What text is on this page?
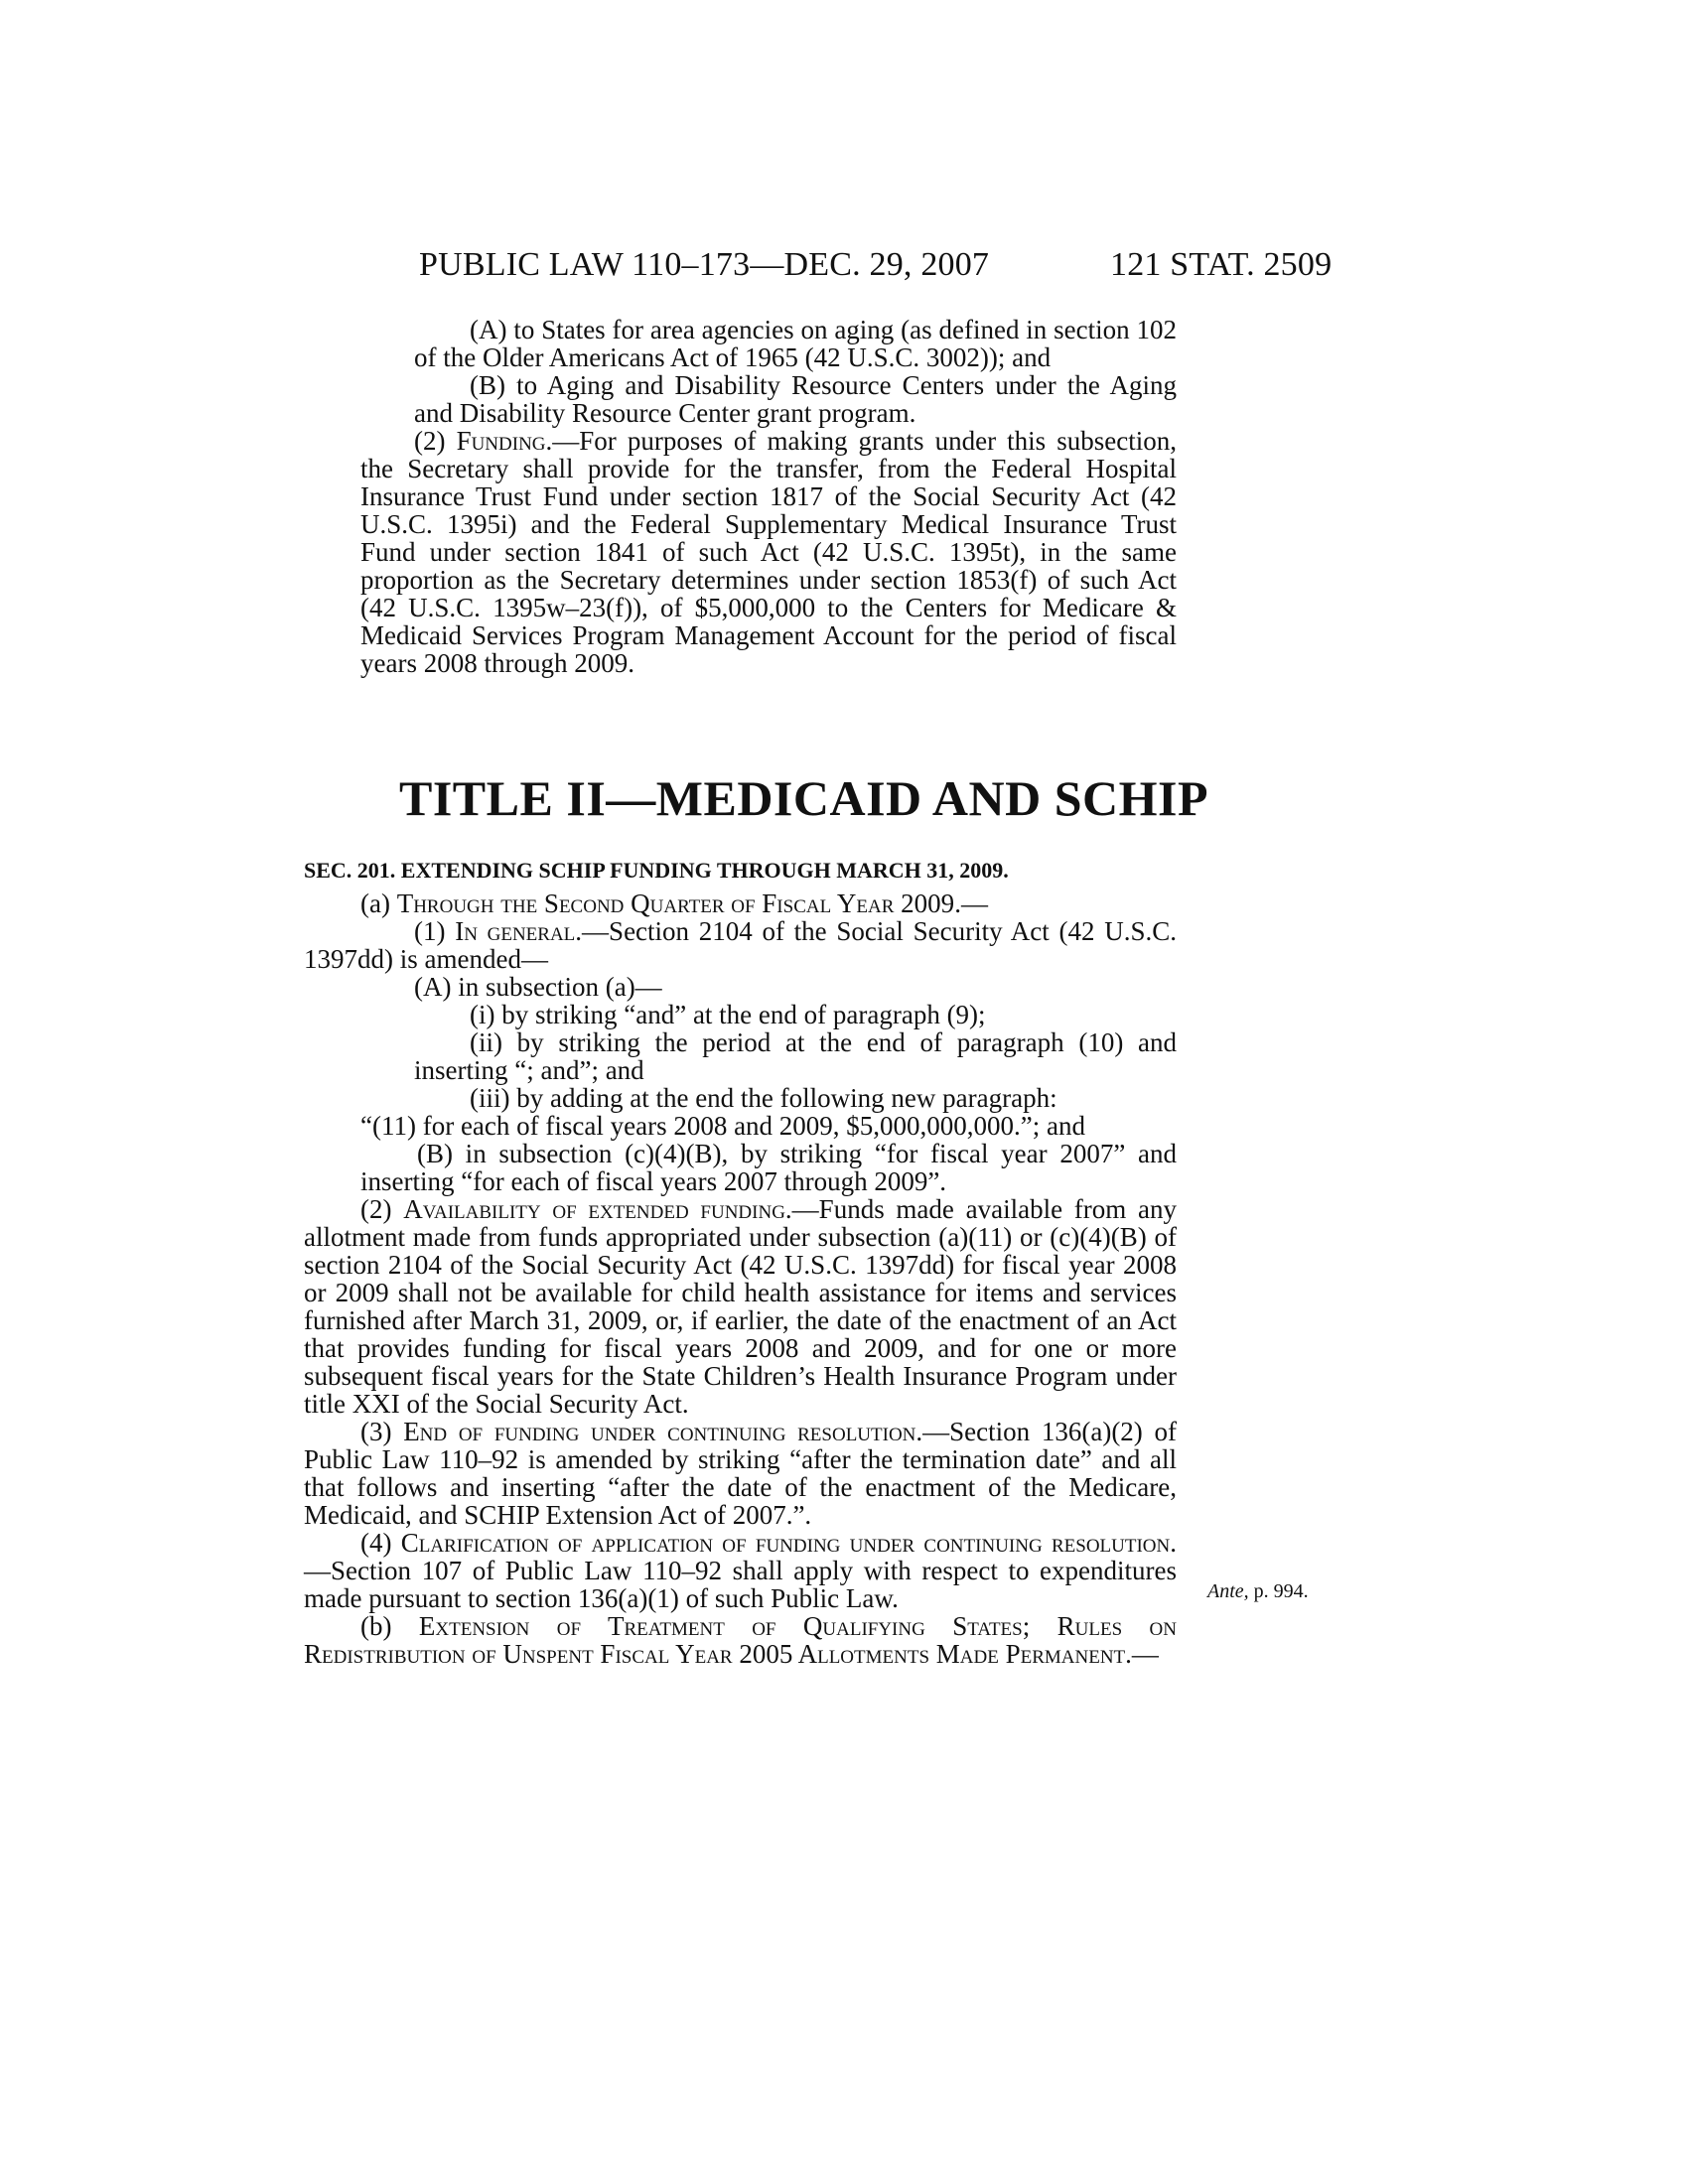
PUBLIC LAW 110–173—DEC. 29, 2007	121 STAT. 2509

(A) to States for area agencies on aging (as defined in section 102 of the Older Americans Act of 1965 (42 U.S.C. 3002)); and

(B) to Aging and Disability Resource Centers under the Aging and Disability Resource Center grant program.

(2) Funding.—For purposes of making grants under this subsection, the Secretary shall provide for the transfer, from the Federal Hospital Insurance Trust Fund under section 1817 of the Social Security Act (42 U.S.C. 1395i) and the Federal Supplementary Medical Insurance Trust Fund under section 1841 of such Act (42 U.S.C. 1395t), in the same proportion as the Secretary determines under section 1853(f) of such Act (42 U.S.C. 1395w–23(f)), of $5,000,000 to the Centers for Medicare & Medicaid Services Program Management Account for the period of fiscal years 2008 through 2009.

TITLE II—MEDICAID AND SCHIP
SEC. 201. EXTENDING SCHIP FUNDING THROUGH MARCH 31, 2009.

(a) Through the Second Quarter of Fiscal Year 2009.—

(1) In general.—Section 2104 of the Social Security Act (42 U.S.C. 1397dd) is amended—

(A) in subsection (a)—

(i) by striking “and” at the end of paragraph (9);

(ii) by striking the period at the end of paragraph (10) and inserting “; and”; and

(iii) by adding at the end the following new paragraph:

“(11) for each of fiscal years 2008 and 2009, $5,000,000,000.”; and

(B) in subsection (c)(4)(B), by striking “for fiscal year 2007” and inserting “for each of fiscal years 2007 through 2009”.

(2) Availability of extended funding.—Funds made available from any allotment made from funds appropriated under subsection (a)(11) or (c)(4)(B) of section 2104 of the Social Security Act (42 U.S.C. 1397dd) for fiscal year 2008 or 2009 shall not be available for child health assistance for items and services furnished after March 31, 2009, or, if earlier, the date of the enactment of an Act that provides funding for fiscal years 2008 and 2009, and for one or more subsequent fiscal years for the State Children’s Health Insurance Program under title XXI of the Social Security Act.

(3) End of funding under continuing resolution.—Section 136(a)(2) of Public Law 110–92 is amended by striking “after the termination date” and all that follows and inserting “after the date of the enactment of the Medicare, Medicaid, and SCHIP Extension Act of 2007.”.

(4) Clarification of application of funding under continuing resolution.—Section 107 of Public Law 110–92 shall apply with respect to expenditures made pursuant to section 136(a)(1) of such Public Law.

(b) Extension of Treatment of Qualifying States; Rules on Redistribution of Unspent Fiscal Year 2005 Allotments Made Permanent.—

Ante, p. 994.
